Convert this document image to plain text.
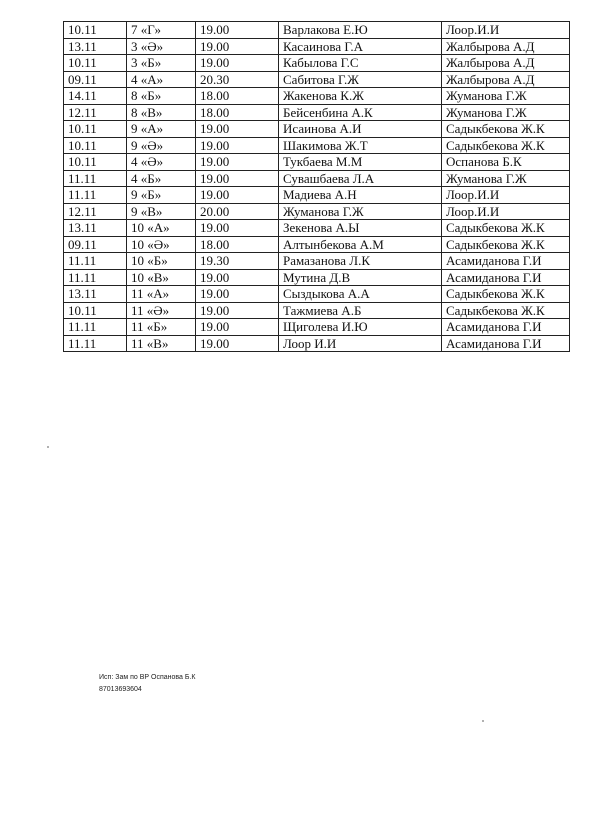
10.11	7 «Г»	19.00	Варлакова Е.Ю	Лоор.И.И
13.11	3 «Ә»	19.00	Касаинова Г.А	Жалбырова А.Д
10.11	3 «Б»	19.00	Кабылова Г.С	Жалбырова А.Д
09.11	4 «А»	20.30	Сабитова Г.Ж	Жалбырова А.Д
14.11	8 «Б»	18.00	Жакенова К.Ж	Жуманова Г.Ж
12.11	8 «В»	18.00	Бейсенбина А.К	Жуманова Г.Ж
10.11	9 «А»	19.00	Исаинова А.И	Садыкбекова Ж.К
10.11	9 «Ә»	19.00	Шакимова Ж.Т	Садыкбекова Ж.К
10.11	4 «Ә»	19.00	Тукбаева М.М	Оспанова Б.К
11.11	4 «Б»	19.00	Сувашбаева Л.А	Жуманова Г.Ж
11.11	9 «Б»	19.00	Мадиева А.Н	Лоор.И.И
12.11	9 «В»	20.00	Жуманова Г.Ж	Лоор.И.И
13.11	10 «А»	19.00	Зекенова А.Ы	Садыкбекова Ж.К
09.11	10 «Ә»	18.00	Алтынбекова А.М	Садыкбекова Ж.К
11.11	10 «Б»	19.30	Рамазанова Л.К	Асамиданова Г.И
11.11	10 «В»	19.00	Мутина Д.В	Асамиданова Г.И
13.11	11 «А»	19.00	Сыздыкова А.А	Садыкбекова Ж.К
10.11	11 «Ә»	19.00	Тажмиева А.Б	Садыкбекова Ж.К
11.11	11 «Б»	19.00	Щиголева И.Ю	Асамиданова Г.И
11.11	11 «В»	19.00	Лоор И.И	Асамиданова Г.И
Исп: Зам по ВР Оспанова Б.К
87013693604
